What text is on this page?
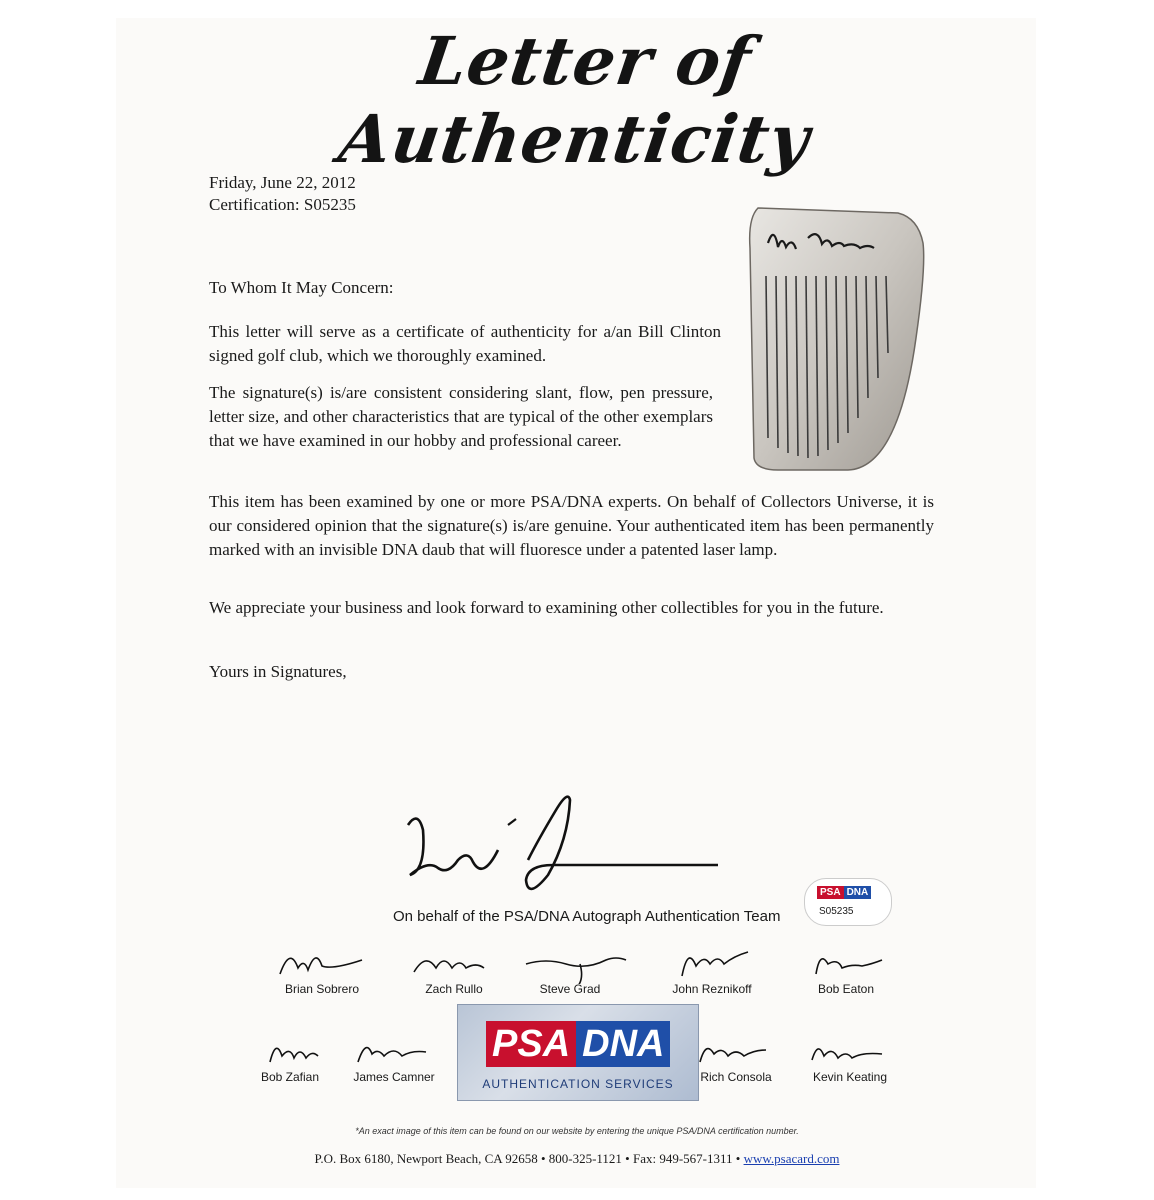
Letter of Authenticity
Friday, June 22, 2012
Certification: S05235
To Whom It May Concern:

This letter will serve as a certificate of authenticity for a/an Bill Clinton signed golf club, which we thoroughly examined.

The signature(s) is/are consistent considering slant, flow, pen pressure, letter size, and other characteristics that are typical of the other exemplars that we have examined in our hobby and professional career.

This item has been examined by one or more PSA/DNA experts. On behalf of Collectors Universe, it is our considered opinion that the signature(s) is/are genuine. Your authenticated item has been permanently marked with an invisible DNA daub that will fluoresce under a patented laser lamp.

We appreciate your business and look forward to examining other collectibles for you in the future.

Yours in Signatures,
On behalf of the PSA/DNA Autograph Authentication Team
PSA DNA
S05235
Brian Sobrero	Zach Rullo	Steve Grad	John Reznikoff	Bob Eaton
Bob Zafian	James Camner	Rich Consola	Kevin Keating
PSA DNA
AUTHENTICATION SERVICES
*An exact image of this item can be found on our website by entering the unique PSA/DNA certification number.
P.O. Box 6180, Newport Beach, CA 92658 • 800-325-1121 • Fax: 949-567-1311 • www.psacard.com
